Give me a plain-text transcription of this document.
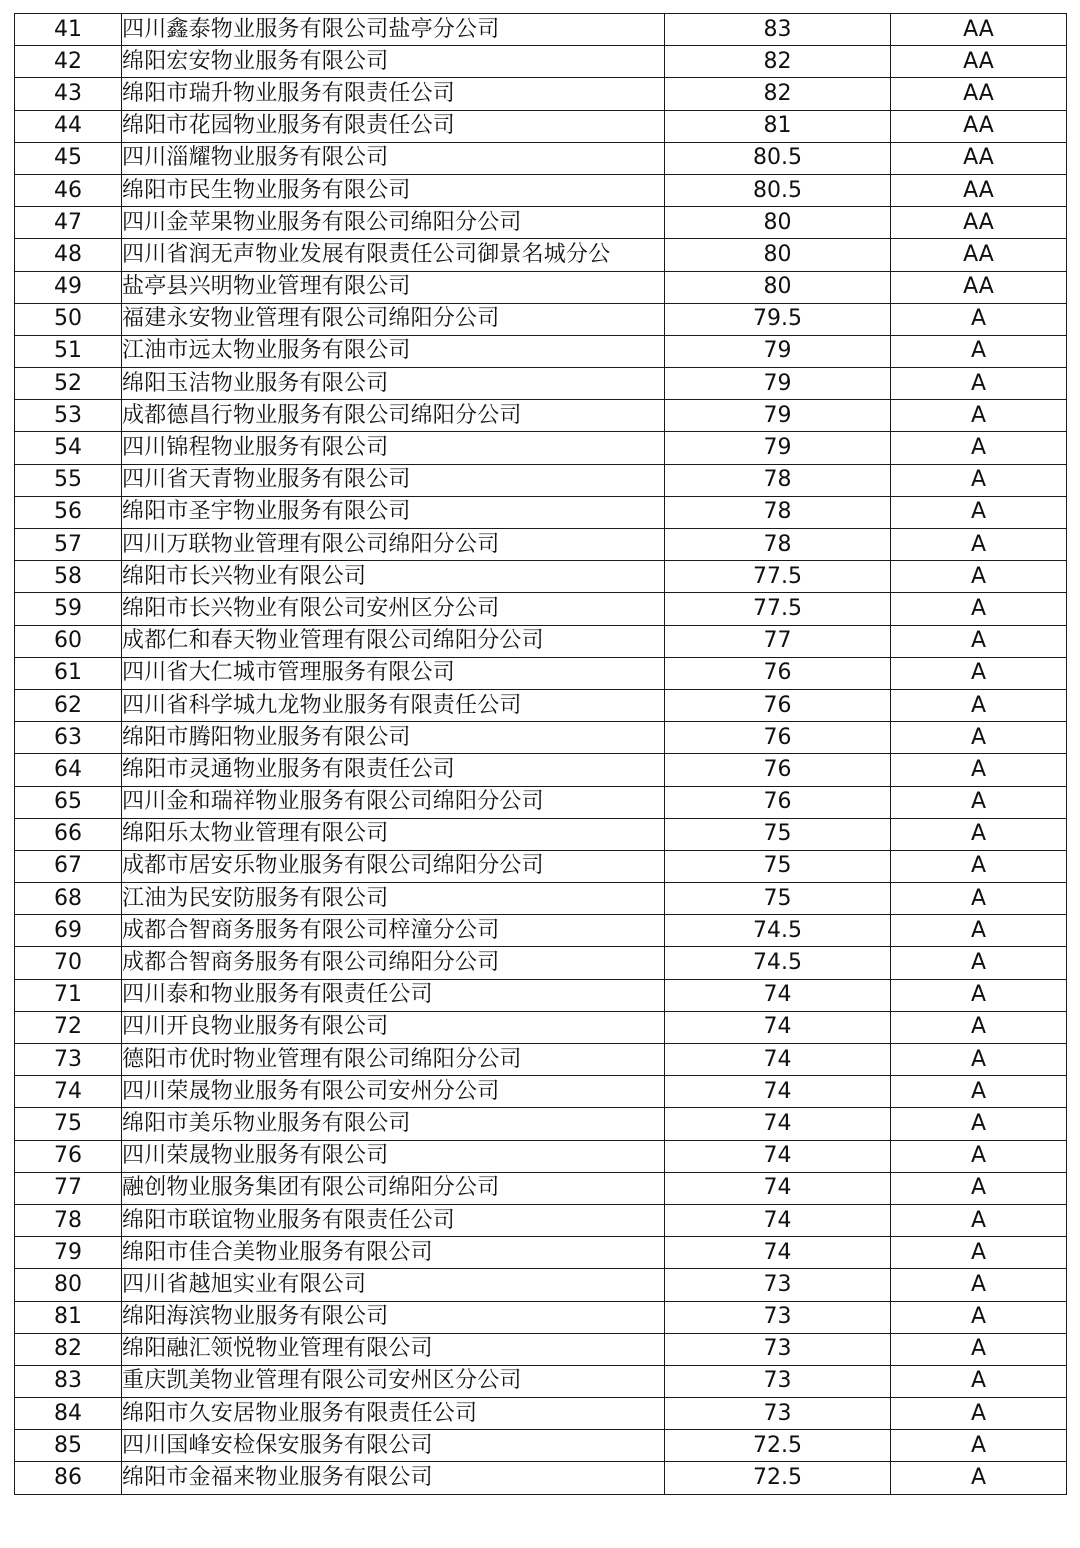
41	四川鑫泰物业服务有限公司盐亭分公司	83	AA
42	绵阳宏安物业服务有限公司	82	AA
43	绵阳市瑞升物业服务有限责任公司	82	AA
44	绵阳市花园物业服务有限责任公司	81	AA
45	四川淄耀物业服务有限公司	80.5	AA
46	绵阳市民生物业服务有限公司	80.5	AA
47	四川金苹果物业服务有限公司绵阳分公司	80	AA
48	四川省润无声物业发展有限责任公司御景名城分公	80	AA
49	盐亭县兴明物业管理有限公司	80	AA
50	福建永安物业管理有限公司绵阳分公司	79.5	A
51	江油市远太物业服务有限公司	79	A
52	绵阳玉洁物业服务有限公司	79	A
53	成都德昌行物业服务有限公司绵阳分公司	79	A
54	四川锦程物业服务有限公司	79	A
55	四川省天青物业服务有限公司	78	A
56	绵阳市圣宇物业服务有限公司	78	A
57	四川万联物业管理有限公司绵阳分公司	78	A
58	绵阳市长兴物业有限公司	77.5	A
59	绵阳市长兴物业有限公司安州区分公司	77.5	A
60	成都仁和春天物业管理有限公司绵阳分公司	77	A
61	四川省大仁城市管理服务有限公司	76	A
62	四川省科学城九龙物业服务有限责任公司	76	A
63	绵阳市腾阳物业服务有限公司	76	A
64	绵阳市灵通物业服务有限责任公司	76	A
65	四川金和瑞祥物业服务有限公司绵阳分公司	76	A
66	绵阳乐太物业管理有限公司	75	A
67	成都市居安乐物业服务有限公司绵阳分公司	75	A
68	江油为民安防服务有限公司	75	A
69	成都合智商务服务有限公司梓潼分公司	74.5	A
70	成都合智商务服务有限公司绵阳分公司	74.5	A
71	四川泰和物业服务有限责任公司	74	A
72	四川开良物业服务有限公司	74	A
73	德阳市优时物业管理有限公司绵阳分公司	74	A
74	四川荣晟物业服务有限公司安州分公司	74	A
75	绵阳市美乐物业服务有限公司	74	A
76	四川荣晟物业服务有限公司	74	A
77	融创物业服务集团有限公司绵阳分公司	74	A
78	绵阳市联谊物业服务有限责任公司	74	A
79	绵阳市佳合美物业服务有限公司	74	A
80	四川省越旭实业有限公司	73	A
81	绵阳海滨物业服务有限公司	73	A
82	绵阳融汇领悦物业管理有限公司	73	A
83	重庆凯美物业管理有限公司安州区分公司	73	A
84	绵阳市久安居物业服务有限责任公司	73	A
85	四川国峰安检保安服务有限公司	72.5	A
86	绵阳市金福来物业服务有限公司	72.5	A
